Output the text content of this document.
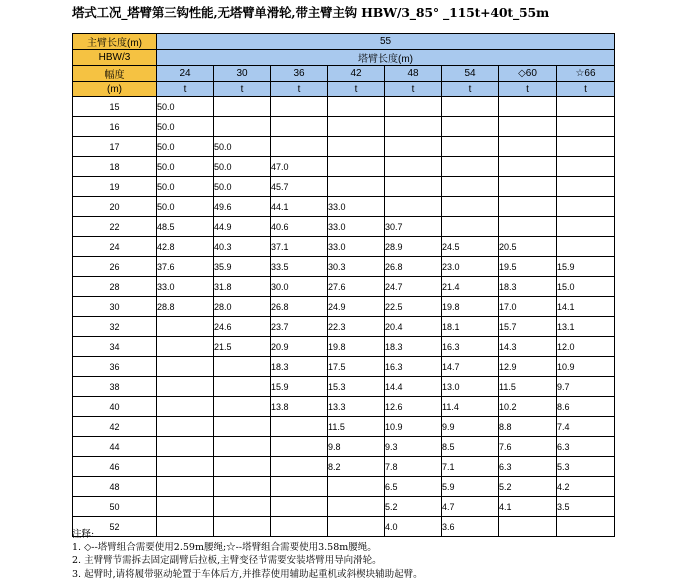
塔式工况_塔臂第三钩性能,无塔臂单滑轮,带主臂主钩 HBW/3_85° _115t+40t_55m
主臂长度(m)	55							
HBW/3	塔臂长度(m)							
幅度	24	30	36	42	48	54	◇60	☆66
(m)	t	t	t	t	t	t	t	t
15	50.0							
16	50.0							
17	50.0	50.0						
18	50.0	50.0	47.0					
19	50.0	50.0	45.7					
20	50.0	49.6	44.1	33.0				
22	48.5	44.9	40.6	33.0	30.7			
24	42.8	40.3	37.1	33.0	28.9	24.5	20.5	
26	37.6	35.9	33.5	30.3	26.8	23.0	19.5	15.9
28	33.0	31.8	30.0	27.6	24.7	21.4	18.3	15.0
30	28.8	28.0	26.8	24.9	22.5	19.8	17.0	14.1
32		24.6	23.7	22.3	20.4	18.1	15.7	13.1
34		21.5	20.9	19.8	18.3	16.3	14.3	12.0
36			18.3	17.5	16.3	14.7	12.9	10.9
38			15.9	15.3	14.4	13.0	11.5	9.7
40			13.8	13.3	12.6	11.4	10.2	8.6
42				11.5	10.9	9.9	8.8	7.4
44				9.8	9.3	8.5	7.6	6.3
46				8.2	7.8	7.1	6.3	5.3
48					6.5	5.9	5.2	4.2
50					5.2	4.7	4.1	3.5
52					4.0	3.6		
注释:
1. ◇--塔臂组合需要使用2.59m腰绳;☆--塔臂组合需要使用3.58m腰绳。
2. 主臂臂节需拆去固定副臂后拉板,主臂变径节需要安装塔臂用导向滑轮。
3. 起臂时,请将履带驱动轮置于车体后方,并推荐使用辅助起重机或斜楔块辅助起臂。
